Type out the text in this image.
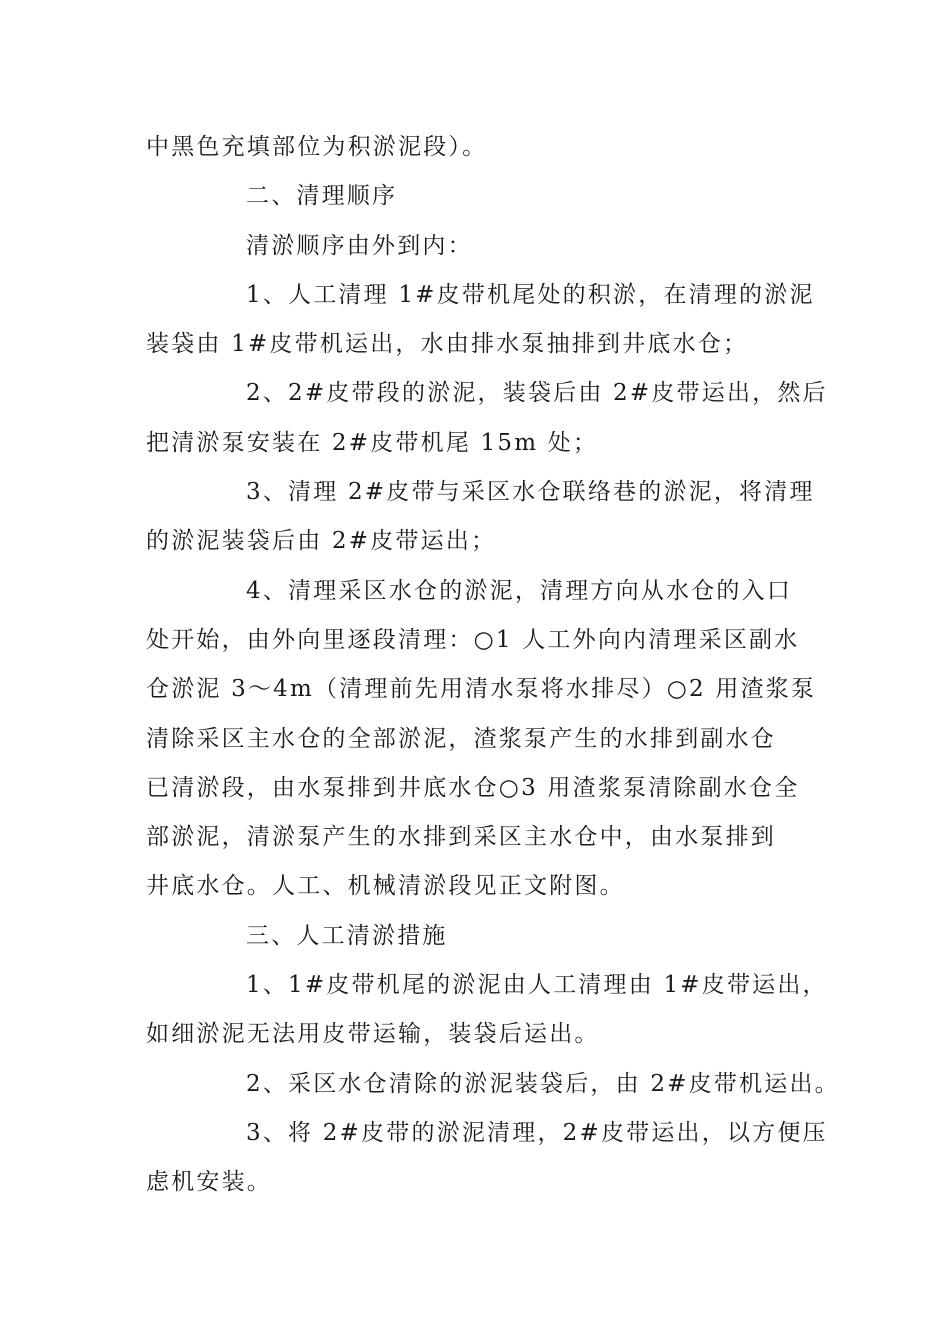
中黑色充填部位为积淤泥段）。

二、清理顺序

清淤顺序由外到内：

1、人工清理 1#皮带机尾处的积淤，在清理的淤泥
装袋由 1#皮带机运出，水由排水泵抽排到井底水仓；

2、2#皮带段的淤泥，装袋后由 2#皮带运出，然后
把清淤泵安装在 2#皮带机尾 15m 处；

3、清理 2#皮带与采区水仓联络巷的淤泥，将清理
的淤泥装袋后由 2#皮带运出；

4、清理采区水仓的淤泥，清理方向从水仓的入口
处开始，由外向里逐段清理：○1 人工外向内清理采区副水
仓淤泥 3～4m（清理前先用清水泵将水排尽）○2 用渣浆泵
清除采区主水仓的全部淤泥，渣浆泵产生的水排到副水仓
已清淤段，由水泵排到井底水仓○3 用渣浆泵清除副水仓全
部淤泥，清淤泵产生的水排到采区主水仓中，由水泵排到
井底水仓。人工、机械清淤段见正文附图。

三、人工清淤措施

1、1#皮带机尾的淤泥由人工清理由 1#皮带运出，
如细淤泥无法用皮带运输，装袋后运出。

2、采区水仓清除的淤泥装袋后，由 2#皮带机运出。

3、将 2#皮带的淤泥清理，2#皮带运出，以方便压
虑机安装。
